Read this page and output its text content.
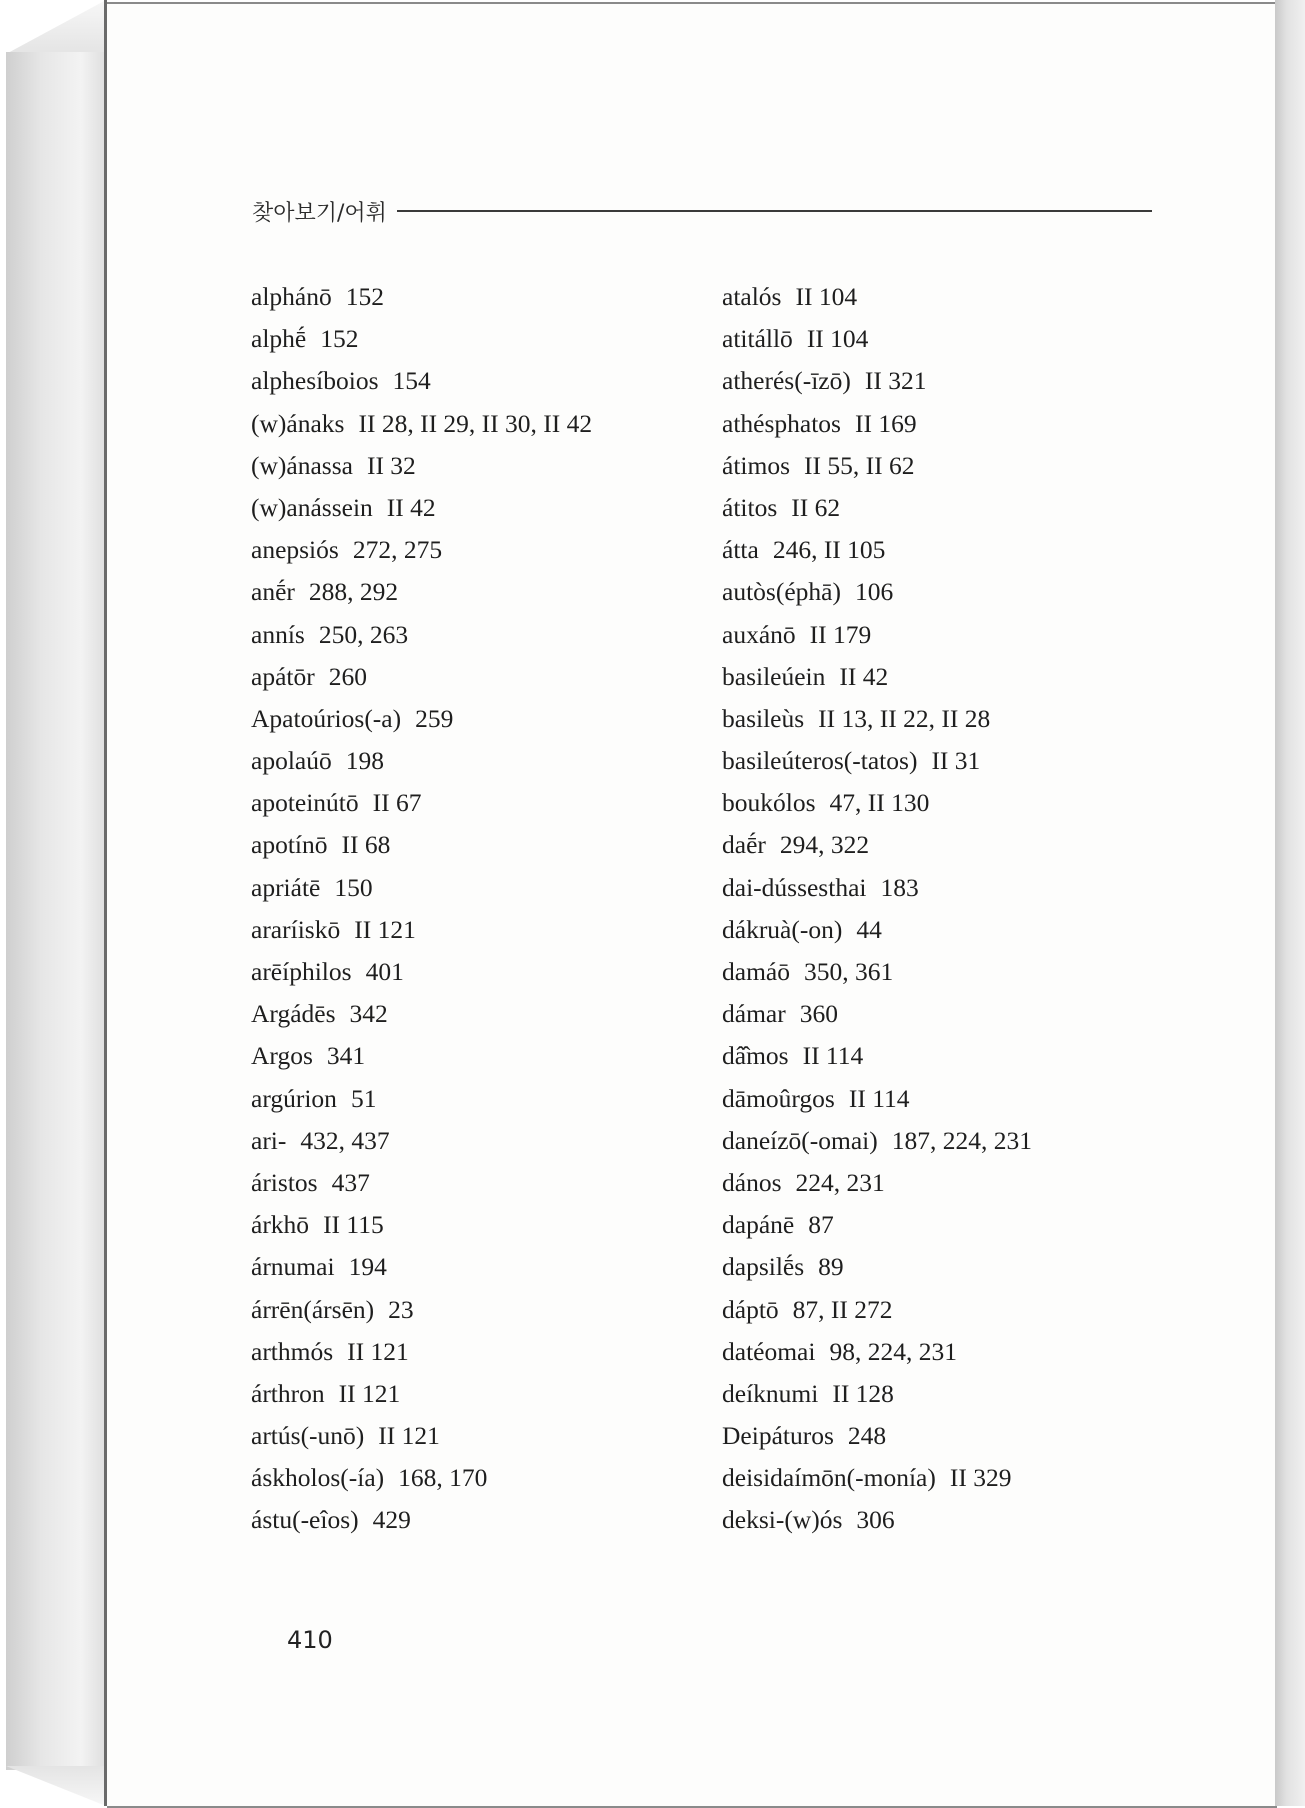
찾아보기/어휘
alphánō 152
alphḗ 152
alphesíboios 154
(w)ánaks II 28, II 29, II 30, II 42
(w)ánassa II 32
(w)anássein II 42
anepsiós 272, 275
anḗr 288, 292
annís 250, 263
apátōr 260
Apatoúrios(-a) 259
apolaúō 198
apoteinútō II 67
apotínō II 68
apriátē 150
araríiskō II 121
arēíphilos 401
Argádēs 342
Argos 341
argúrion 51
ari- 432, 437
áristos 437
árkhō II 115
árnumai 194
árrēn(ársēn) 23
arthmós II 121
árthron II 121
artús(-unō) II 121
áskholos(-ía) 168, 170
ástu(-eîos) 429
atalós II 104
atitállō II 104
atherés(-īzō) II 321
athésphatos II 169
átimos II 55, II 62
átitos II 62
átta 246, II 105
autòs(éphā) 106
auxánō II 179
basileúein II 42
basileùs II 13, II 22, II 28
basileúteros(-tatos) II 31
boukólos 47, II 130
daḗr 294, 322
dai-dússesthai 183
dákruà(-on) 44
damáō 350, 361
dámar 360
dâ̂mos II 114
dāmoûrgos II 114
daneízō(-omai) 187, 224, 231
dános 224, 231
dapánē 87
dapsilḗs 89
dáptō 87, II 272
datéomai 98, 224, 231
deíknumi II 128
Deipáturos 248
deisidaímōn(-monía) II 329
deksi-(w)ós 306
410
